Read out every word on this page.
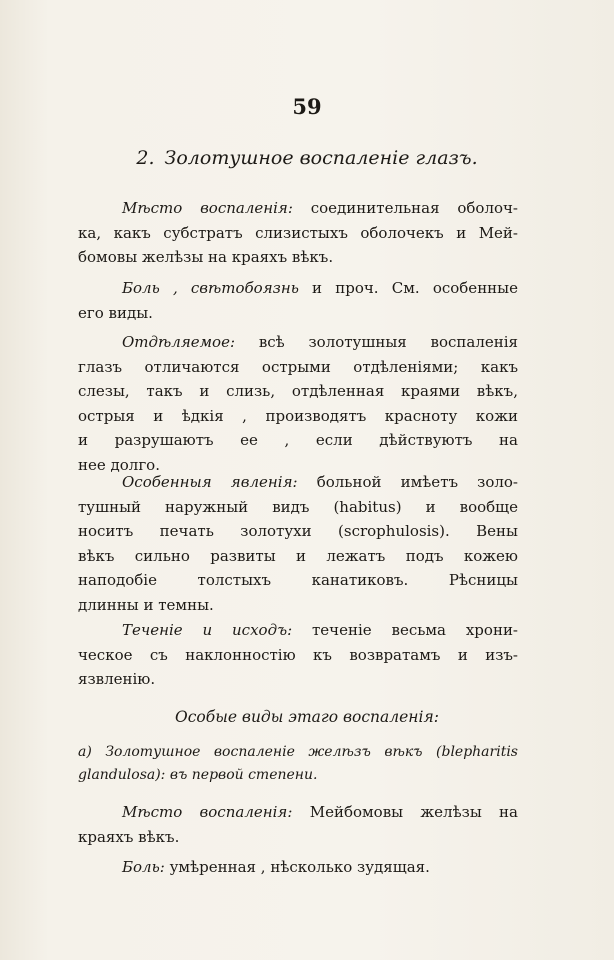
59
2. Золотушное воспаленіе глазъ.
Мѣсто воспаленія: соединительная оболоч-
ка, какъ субстратъ слизистыхъ оболочекъ и Мей-
бомовы желѣзы на краяхъ вѣкъ.
Боль , свѣтобоязнь и проч. См. особенные
его виды.
Отдѣляемое: всѣ золотушныя воспаленія
глазъ отличаются острыми отдѣленіями; какъ
слезы, такъ и слизь, отдѣленная краями вѣкъ,
острыя и ѣдкія , производятъ красноту кожи
и разрушаютъ ее , если дѣйствуютъ на
нее долго.
Особенныя явленія: больной имѣетъ золо-
тушный наружный видъ (habitus) и вообще
носитъ печать золотухи (scrophulosis). Вены
вѣкъ сильно развиты и лежатъ подъ кожею
наподобіе толстыхъ канатиковъ. Рѣсницы
длинны и темны.
Теченіе и исходъ: теченіе весьма хрони-
ческое съ наклонностію къ возвратамъ и изъ-
язвленію.
Особые виды этаго воспаленія:
a) Золотушное воспаленіе желѣзъ вѣкъ (blepharitis
glandulosa): въ первой степени.
Мѣсто воспаленія: Мейбомовы желѣзы на
краяхъ вѣкъ.
Боль: умѣренная , нѣсколько зудящая.
